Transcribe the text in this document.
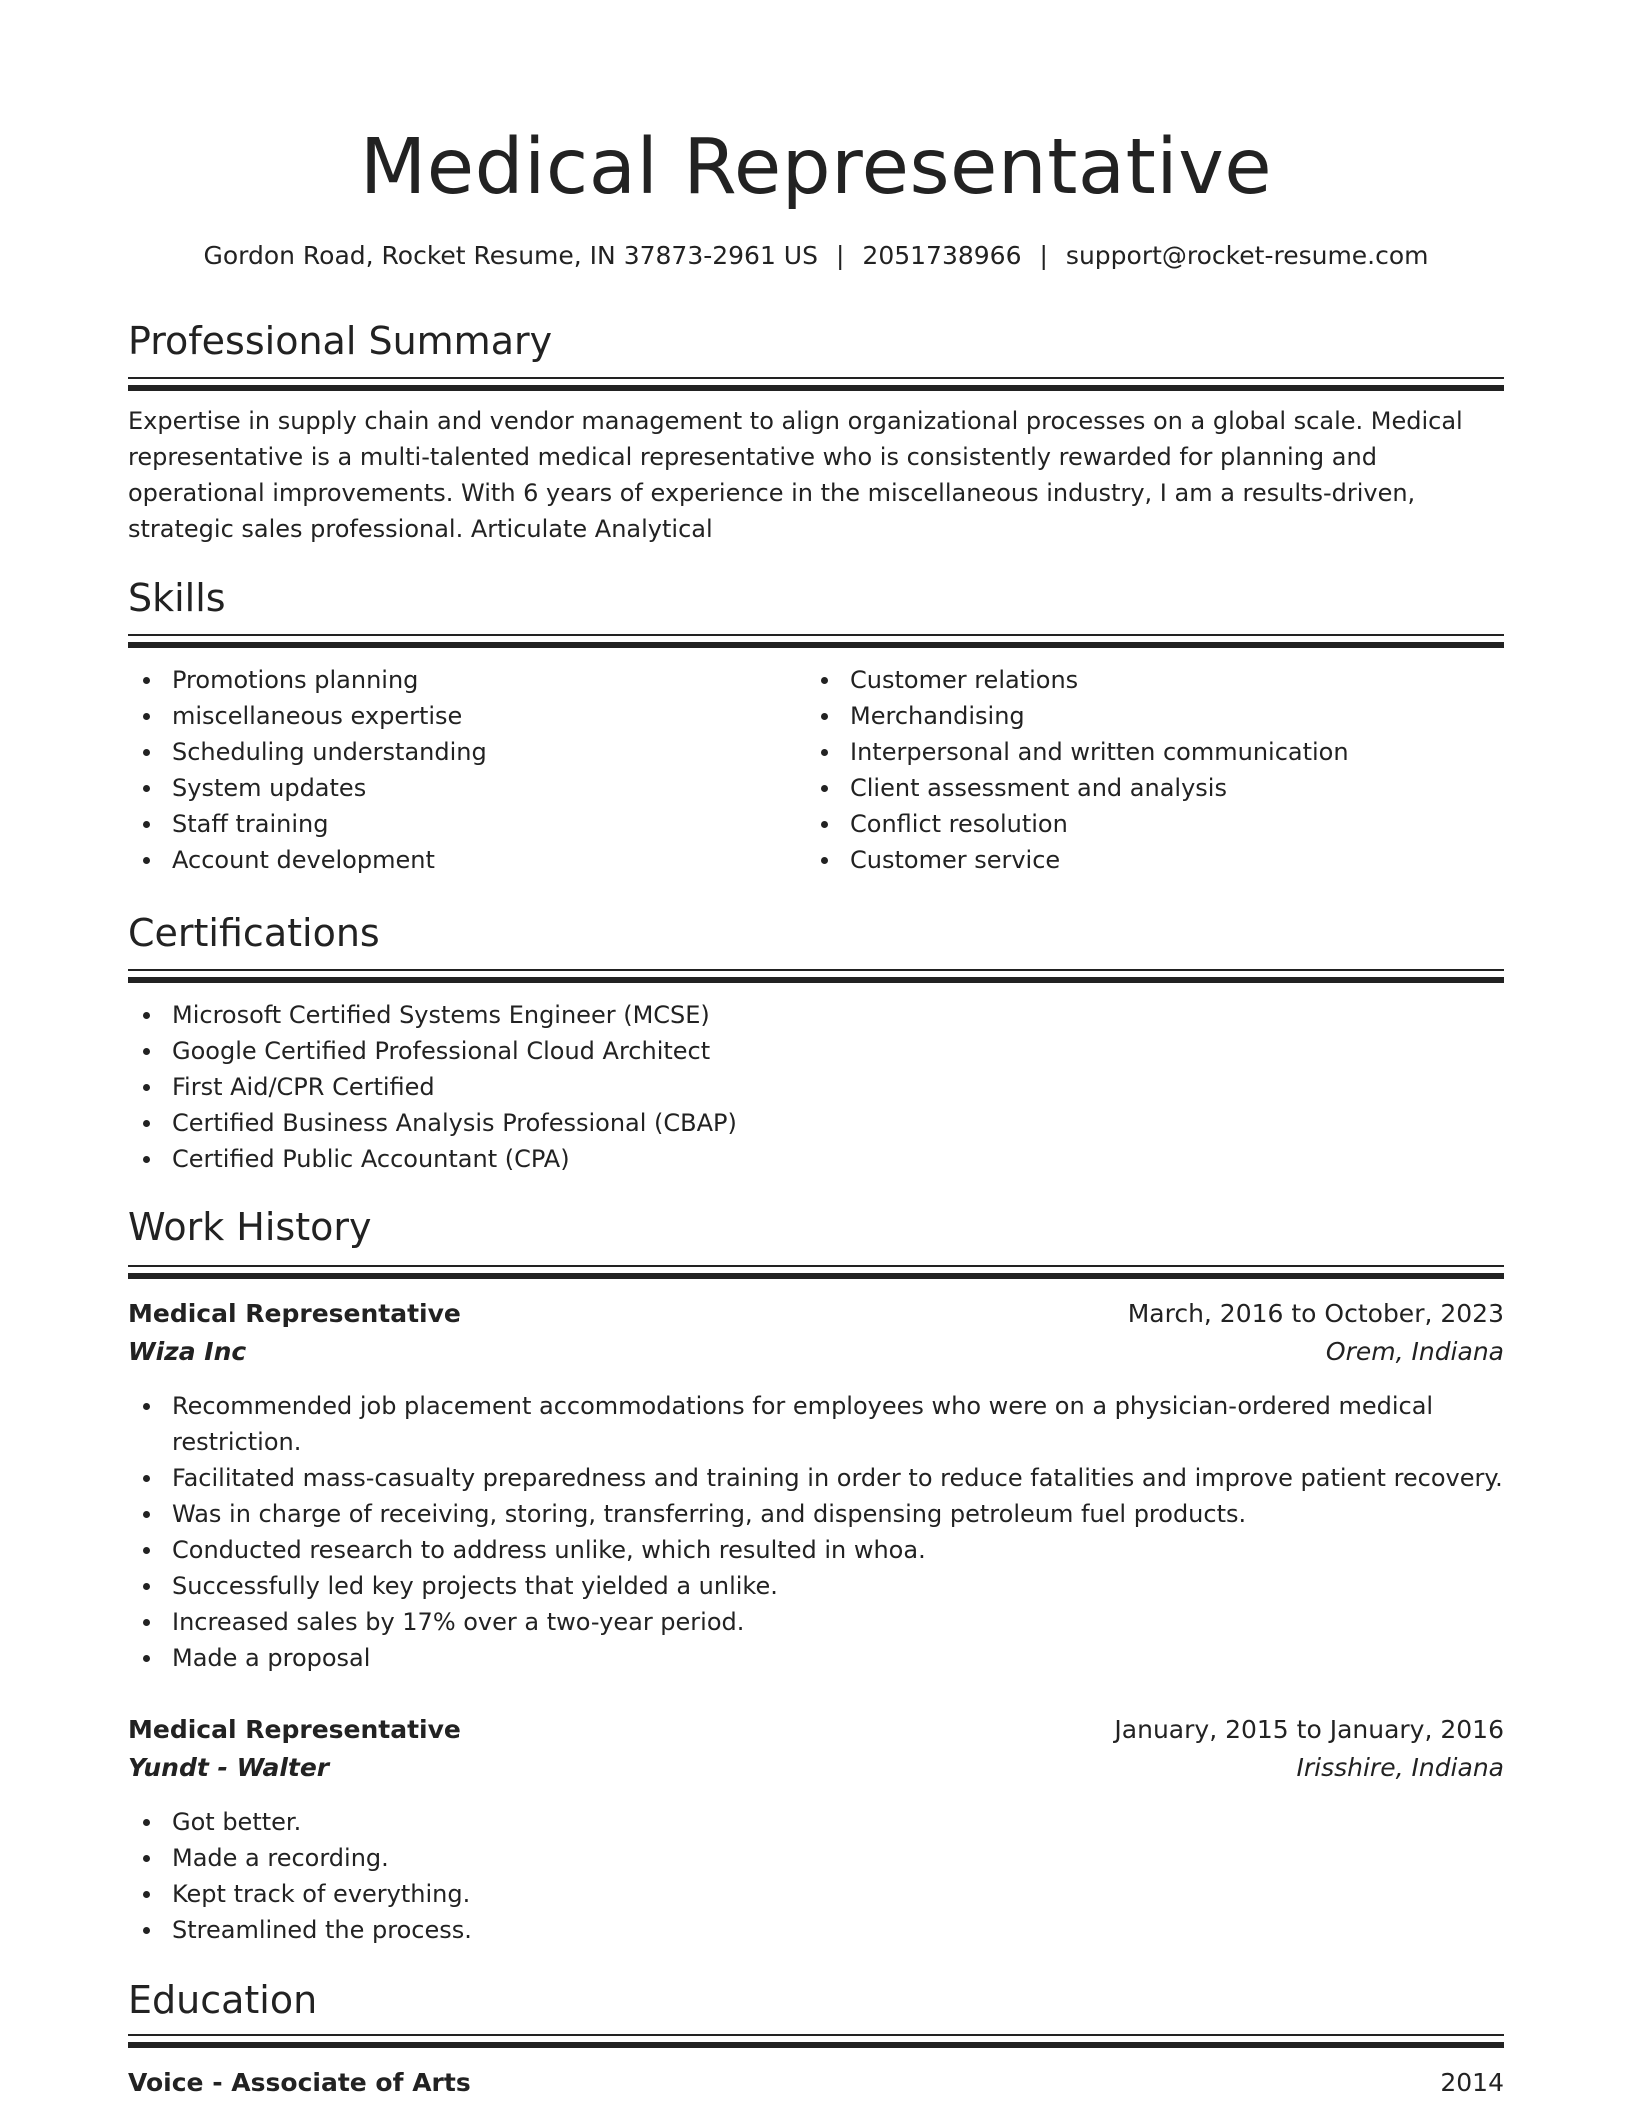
Medical Representative
Gordon Road, Rocket Resume, IN 37873-2961 US | 2051738966 | support@rocket-resume.com
Professional Summary
Expertise in supply chain and vendor management to align organizational processes on a global scale. Medical representative is a multi-talented medical representative who is consistently rewarded for planning and operational improvements. With 6 years of experience in the miscellaneous industry, I am a results-driven, strategic sales professional. Articulate Analytical
Skills
Promotions planning
miscellaneous expertise
Scheduling understanding
System updates
Staff training
Account development
Customer relations
Merchandising
Interpersonal and written communication
Client assessment and analysis
Conflict resolution
Customer service
Certifications
Microsoft Certified Systems Engineer (MCSE)
Google Certified Professional Cloud Architect
First Aid/CPR Certified
Certified Business Analysis Professional (CBAP)
Certified Public Accountant (CPA)
Work History
Medical Representative	March, 2016 to October, 2023
Wiza Inc	Orem, Indiana
Recommended job placement accommodations for employees who were on a physician-ordered medical restriction.
Facilitated mass-casualty preparedness and training in order to reduce fatalities and improve patient recovery.
Was in charge of receiving, storing, transferring, and dispensing petroleum fuel products.
Conducted research to address unlike, which resulted in whoa.
Successfully led key projects that yielded a unlike.
Increased sales by 17% over a two-year period.
Made a proposal
Medical Representative	January, 2015 to January, 2016
Yundt - Walter	Irisshire, Indiana
Got better.
Made a recording.
Kept track of everything.
Streamlined the process.
Education
Voice - Associate of Arts	2014
